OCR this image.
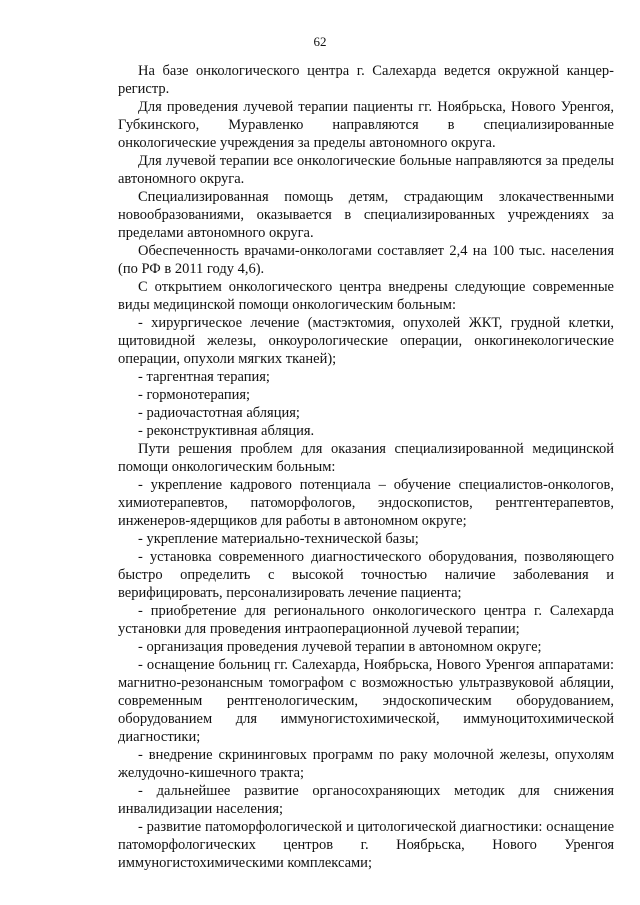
62

На базе онкологического центра г. Салехарда ведется окружной канцер-регистр.

Для проведения лучевой терапии пациенты гг. Ноябрьска, Нового Уренгоя, Губкинского, Муравленко направляются в специализированные онкологические учреждения за пределы автономного округа.

Для лучевой терапии все онкологические больные направляются за пределы автономного округа.

Специализированная помощь детям, страдающим злокачественными новообразованиями, оказывается в специализированных учреждениях за пределами автономного округа.

Обеспеченность врачами-онкологами составляет 2,4 на 100 тыс. населения (по РФ в 2011 году 4,6).

С открытием онкологического центра внедрены следующие современные виды медицинской помощи онкологическим больным:

- хирургическое лечение (мастэктомия, опухолей ЖКТ, грудной клетки, щитовидной железы, онкоурологические операции, онкогинекологические операции, опухоли мягких тканей);

- таргентная терапия;

- гормонотерапия;

- радиочастотная абляция;

- реконструктивная абляция.

Пути решения проблем для оказания специализированной медицинской помощи онкологическим больным:

- укрепление кадрового потенциала – обучение специалистов-онкологов, химиотерапевтов, патоморфологов, эндоскопистов, рентгентерапевтов, инженеров-ядерщиков для работы в автономном округе;

- укрепление материально-технической базы;

- установка современного диагностического оборудования, позволяющего быстро определить с высокой точностью наличие заболевания и верифицировать, персонализировать лечение пациента;

- приобретение для регионального онкологического центра г. Салехарда установки для проведения интраоперационной лучевой терапии;

- организация проведения лучевой терапии в автономном округе;

- оснащение больниц гг. Салехарда, Ноябрьска, Нового Уренгоя аппаратами: магнитно-резонансным томографом с возможностью ультразвуковой абляции, современным рентгенологическим, эндоскопическим оборудованием, оборудованием для иммуногистохимической, иммуноцитохимической диагностики;

- внедрение скрининговых программ по раку молочной железы, опухолям желудочно-кишечного тракта;

- дальнейшее развитие органосохраняющих методик для снижения инвалидизации населения;

- развитие патоморфологической и цитологической диагностики: оснащение патоморфологических центров г. Ноябрьска, Нового Уренгоя иммуногистохимическими комплексами;
